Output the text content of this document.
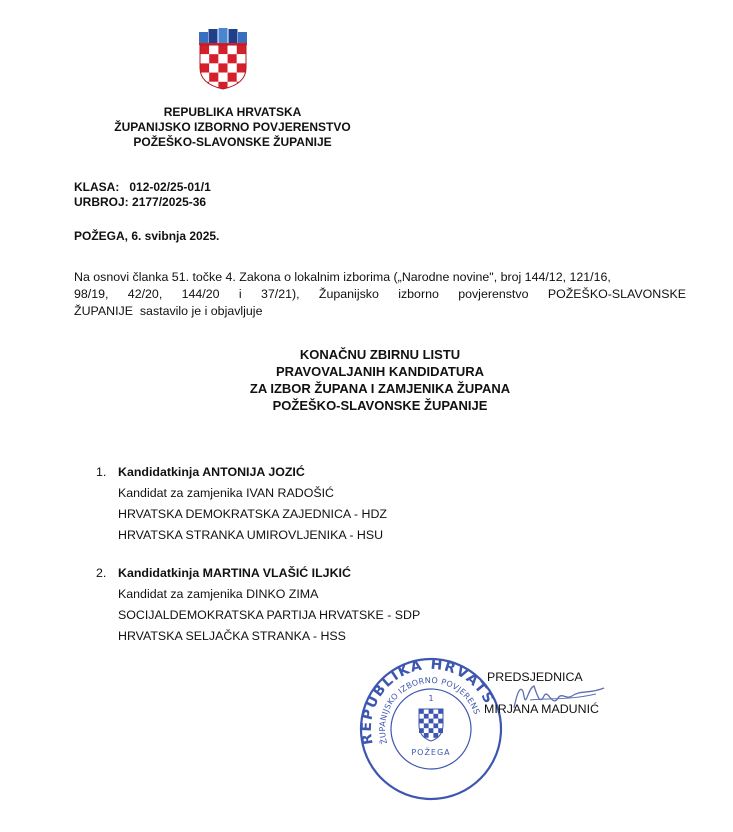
REPUBLIKA HRVATSKA
ŽUPANIJSKO IZBORNO POVJERENSTVO
POŽEŠKO-SLAVONSKE ŽUPANIJE
KLASA: 012-02/25-01/1
URBROJ: 2177/2025-36
POŽEGA, 6. svibnja 2025.
Na osnovi članka 51. točke 4. Zakona o lokalnim izborima („Narodne novine", broj 144/12, 121/16,
98/19, 42/20, 144/20 i 37/21), Županijsko izborno povjerenstvo POŽEŠKO-SLAVONSKE
ŽUPANIJE  sastavilo je i objavljuje
KONAČNU ZBIRNU LISTU
PRAVOVALJANIH KANDIDATURA
ZA IZBOR ŽUPANA I ZAMJENIKA ŽUPANA
POŽEŠKO-SLAVONSKE ŽUPANIJE
1. Kandidatkinja ANTONIJA JOZIĆ
Kandidat za zamjenika IVAN RADOŠIĆ
HRVATSKA DEMOKRATSKA ZAJEDNICA - HDZ
HRVATSKA STRANKA UMIROVLJENIKA - HSU
2. Kandidatkinja MARTINA VLAŠIĆ ILJKIĆ
Kandidat za zamjenika DINKO ZIMA
SOCIJALDEMOKRATSKA PARTIJA HRVATSKE - SDP
HRVATSKA SELJAČKA STRANKA - HSS
REPUBLIKA HRVATSKA
ŽUPANIJSKO IZBORNO POVJERENSTVO
1
POŽEGA
PREDSJEDNICA
MIRJANA MADUNIĆ
